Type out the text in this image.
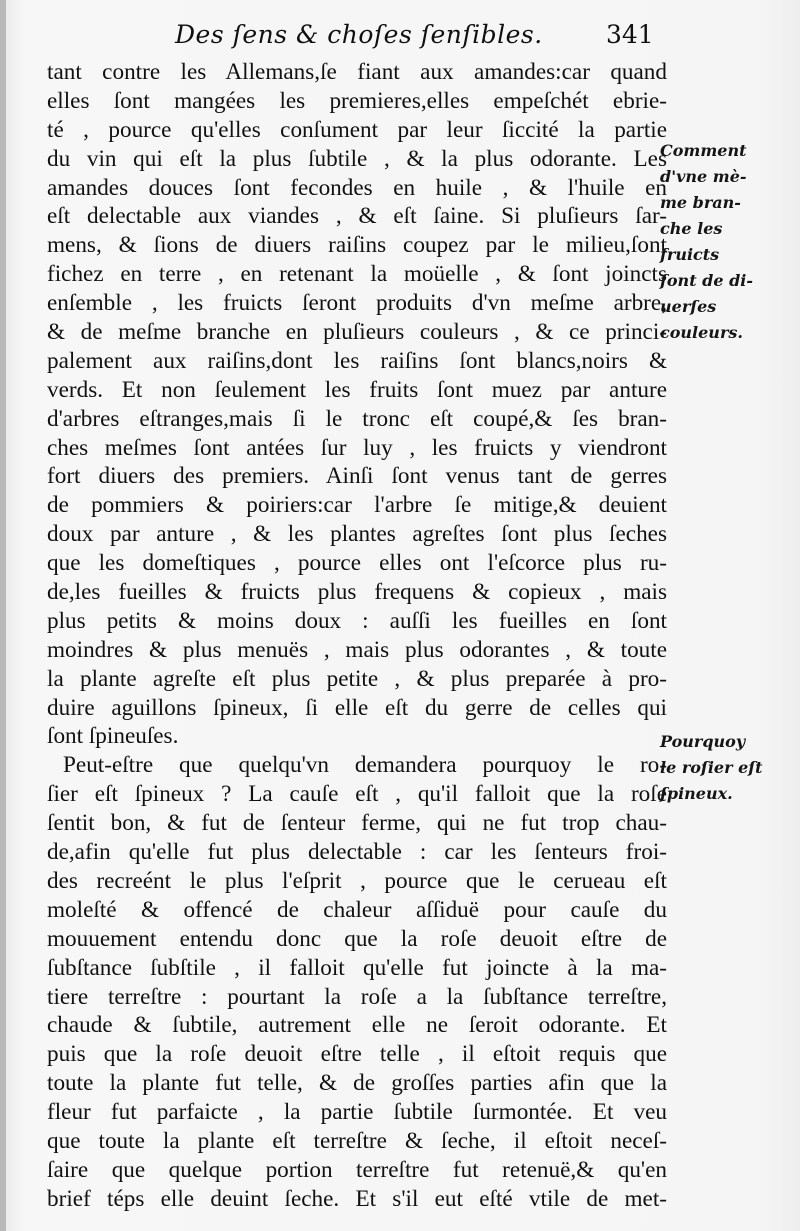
Des ſens & choſes ſenſibles.	341
tant contre les Allemans,ſe fiant aux amandes:car quand
elles ſont mangées les premieres,elles empeſchét ebrie-
té , pource qu'elles conſument par leur ſiccité la partie
du vin qui eſt la plus ſubtile , & la plus odorante. Les
amandes douces ſont fecondes en huile , & l'huile en
eſt delectable aux viandes , & eſt ſaine. Si pluſieurs ſar-
mens, & ſions de diuers raiſins coupez par le milieu,ſont
fichez en terre , en retenant la moüelle , & ſont joincts
enſemble , les fruicts ſeront produits d'vn meſme arbre,
& de meſme branche en pluſieurs couleurs , & ce princi-
palement aux raiſins,dont les raiſins ſont blancs,noirs &
verds. Et non ſeulement les fruits ſont muez par anture
d'arbres eſtranges,mais ſi le tronc eſt coupé,& ſes bran-
ches meſmes ſont antées ſur luy , les fruicts y viendront
fort diuers des premiers. Ainſi ſont venus tant de gerres
de pommiers & poiriers:car l'arbre ſe mitige,& deuient
doux par anture , & les plantes agreſtes ſont plus ſeches
que les domeſtiques , pource elles ont l'eſcorce plus ru-
de,les fueilles & fruicts plus frequens & copieux , mais
plus petits & moins doux : auſſi les fueilles en ſont
moindres & plus menuës , mais plus odorantes , & toute
la plante agreſte eſt plus petite , & plus preparée à pro-
duire aguillons ſpineux, ſi elle eſt du gerre de celles qui
ſont ſpineuſes.
Peut-eſtre que quelqu'vn demandera pourquoy le ro-
ſier eſt ſpineux ? La cauſe eſt , qu'il falloit que la roſe
ſentit bon, & fut de ſenteur ferme, qui ne fut trop chau-
de,afin qu'elle fut plus delectable : car les ſenteurs froi-
des recreént le plus l'eſprit , pource que le cerueau eſt
moleſté & offencé de chaleur aſſiduë pour cauſe du
mouuement entendu donc que la roſe deuoit eſtre de
ſubſtance ſubſtile , il falloit qu'elle fut joincte à la ma-
tiere terreſtre : pourtant la roſe a la ſubſtance terreſtre,
chaude & ſubtile, autrement elle ne ſeroit odorante. Et
puis que la roſe deuoit eſtre telle , il eſtoit requis que
toute la plante fut telle, & de groſſes parties afin que la
fleur fut parfaicte , la partie ſubtile ſurmontée. Et veu
que toute la plante eſt terreſtre & ſeche, il eſtoit neceſ-
ſaire que quelque portion terreſtre fut retenuë,& qu'en
brief téps elle deuint ſeche. Et s'il eut eſté vtile de met-
Comment
d'vne mè-
me bran-
che les
fruicts
ſont de di-
uerſes
couleurs.
Pourquoy
le roſier eſt
ſpineux.
